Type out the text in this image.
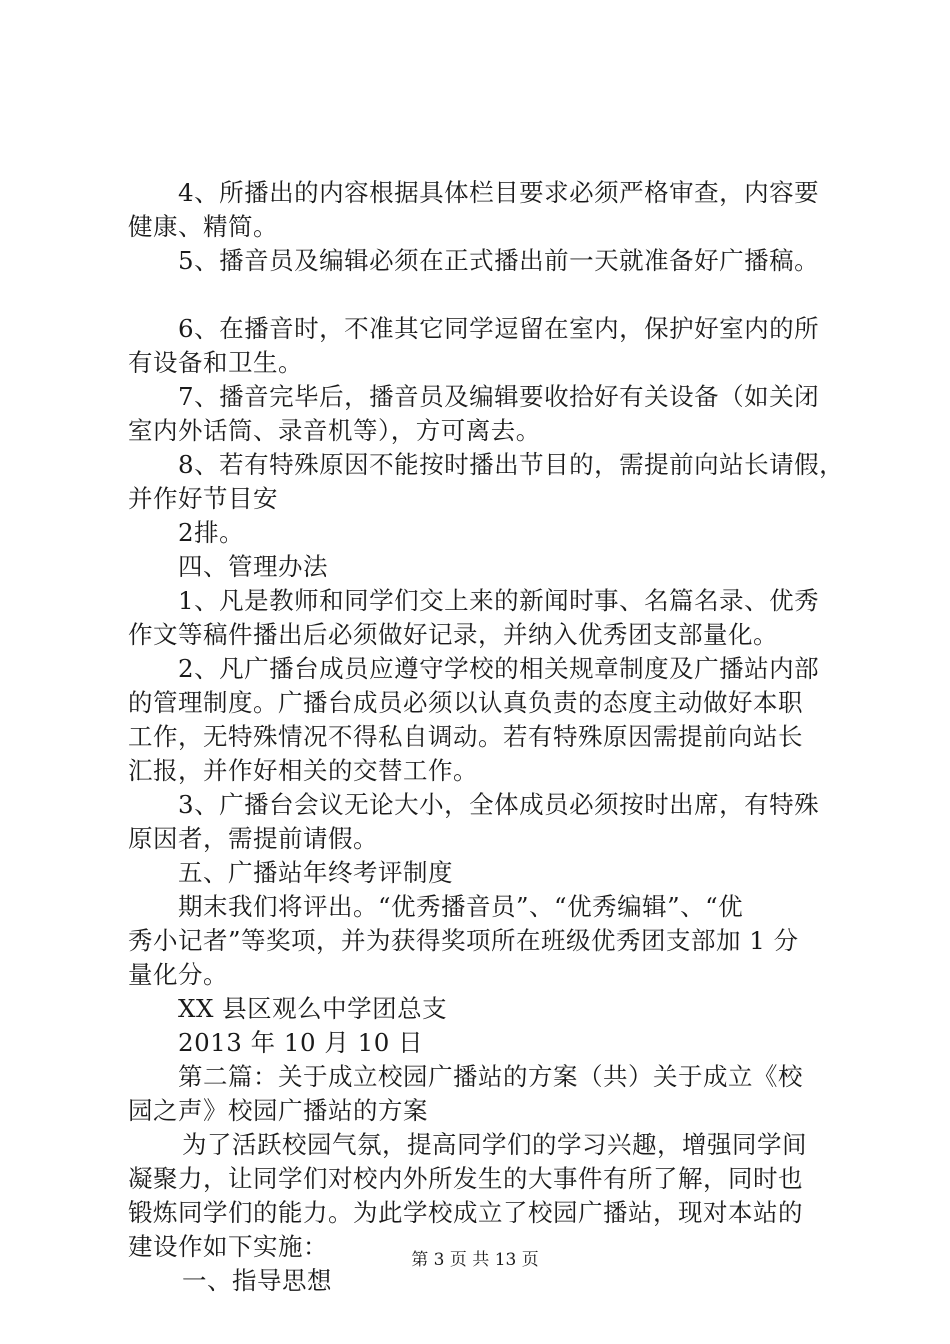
4、所播出的内容根据具体栏目要求必须严格审查，内容要
健康、精简。
5、播音员及编辑必须在正式播出前一天就准备好广播稿。
6、在播音时，不准其它同学逗留在室内，保护好室内的所
有设备和卫生。
7、播音完毕后，播音员及编辑要收拾好有关设备（如关闭
室内外话筒、录音机等），方可离去。
8、若有特殊原因不能按时播出节目的，需提前向站长请假，
并作好节目安
2排。
四、管理办法
1、凡是教师和同学们交上来的新闻时事、名篇名录、优秀
作文等稿件播出后必须做好记录，并纳入优秀团支部量化。
2、凡广播台成员应遵守学校的相关规章制度及广播站内部
的管理制度。广播台成员必须以认真负责的态度主动做好本职
工作，无特殊情况不得私自调动。若有特殊原因需提前向站长
汇报，并作好相关的交替工作。
3、广播台会议无论大小，全体成员必须按时出席，有特殊
原因者，需提前请假。
五、广播站年终考评制度
期末我们将评出。“优秀播音员”、“优秀编辑”、“优
秀小记者”等奖项，并为获得奖项所在班级优秀团支部加 1 分
量化分。
XX 县区观么中学团总支
2013 年 10 月 10 日
第二篇：关于成立校园广播站的方案（共）关于成立《校
园之声》校园广播站的方案
为了活跃校园气氛，提高同学们的学习兴趣，增强同学间
凝聚力，让同学们对校内外所发生的大事件有所了解，同时也
锻炼同学们的能力。为此学校成立了校园广播站，现对本站的
建设作如下实施：
一、指导思想
第 3 页 共 13 页
